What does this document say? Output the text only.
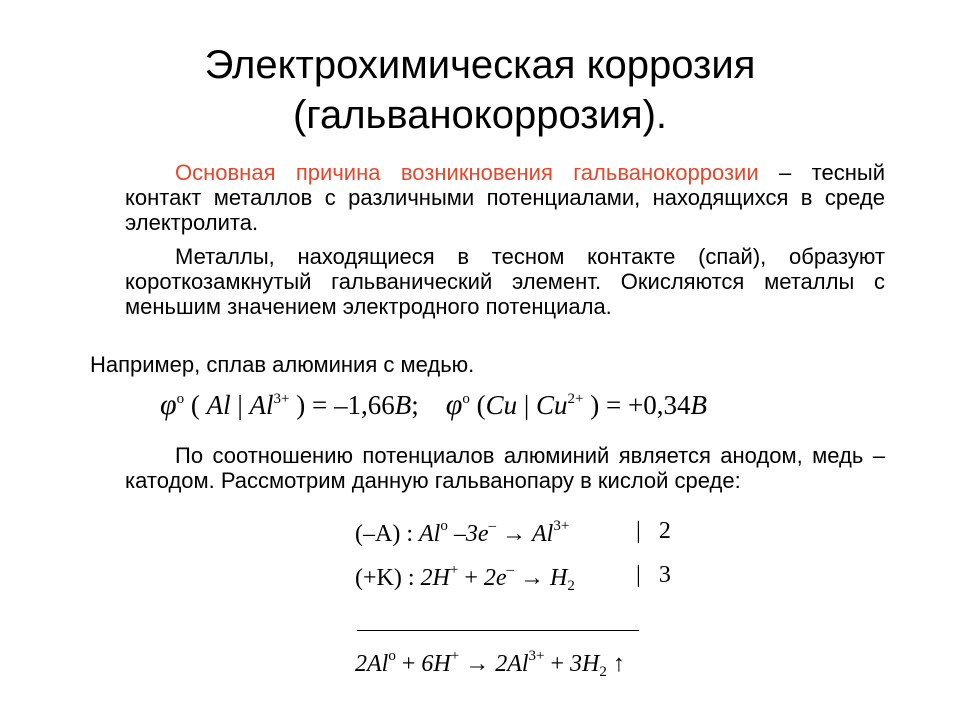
Электрохимическая коррозия
(гальванокоррозия).
Основная причина возникновения гальванокоррозии – тесный контакт металлов с различными потенциалами, находящихся в среде электролита.
Металлы, находящиеся в тесном контакте (спай), образуют короткозамкнутый гальванический элемент. Окисляются металлы с меньшим значением электродного потенциала.
Например, сплав алюминия с медью.
$\varphi^o$ ( Al | $Al^{3+}$ ) = –1,66B; $\varphi^o$ (Cu | $Cu^{2+}$ ) = +0,34B
По соотношению потенциалов алюминий является анодом, медь – катодом. Рассмотрим данную гальванопару в кислой среде:
(–A) : Al$^o$ $-3e^- \to Al^{3+}$	| 2
(+K) : $2H^+ + 2e^- \to H_2$	| 3
$2Al^o + 6H^+ \to 2Al^{3+} + 3H_2$ ↑
